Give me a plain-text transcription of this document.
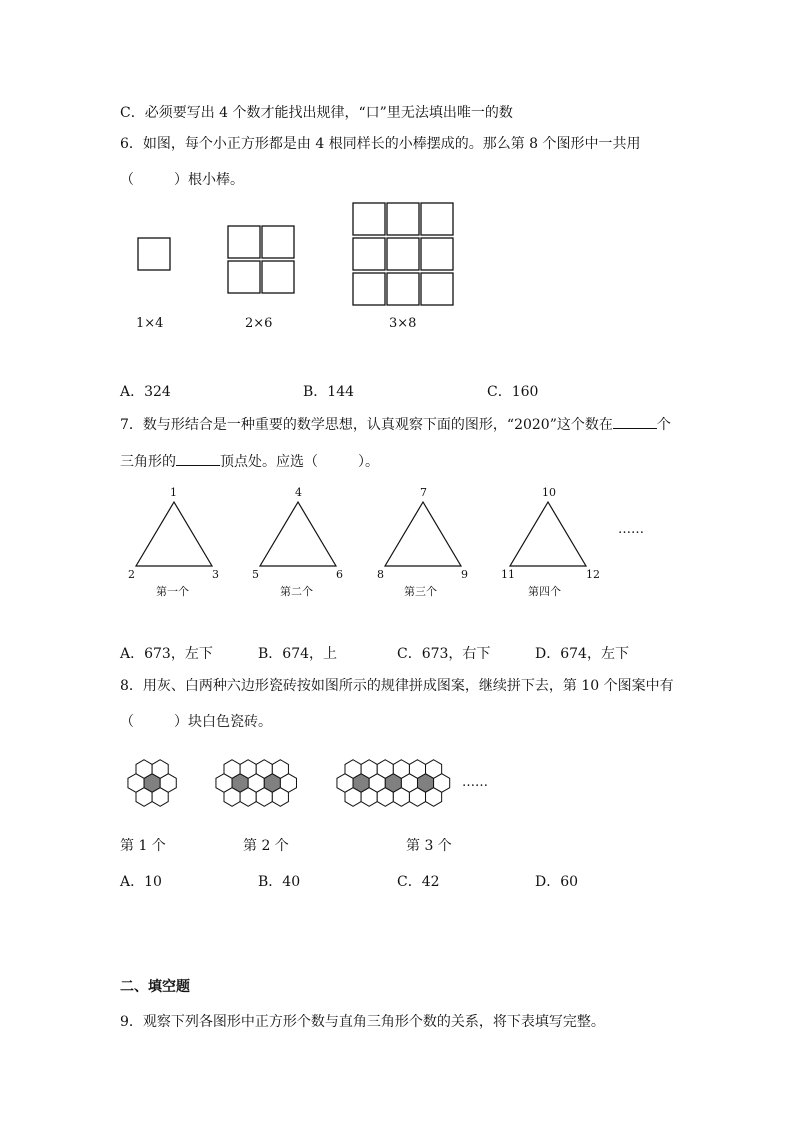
C．必须要写出 4 个数才能找出规律，“口”里无法填出唯一的数
6．如图，每个小正方形都是由 4 根同样长的小棒摆成的。那么第 8 个图形中一共用
（	）根小棒。
1×4	2×6	3×8
A．324	B．144	C．160
7．数与形结合是一种重要的数学思想，认真观察下面的图形，“2020”这个数在	个
三角形的	顶点处。应选（	）。
1
2	3
第一个
4
5	6
第二个
7
8	9
第三个
10
11	12
第四个
……
A．673，左下	B．674，上	C．673，右下	D．674，左下
8．用灰、白两种六边形瓷砖按如图所示的规律拼成图案，继续拼下去，第 10 个图案中有
（	）块白色瓷砖。
……
第 1 个	第 2 个	第 3 个
A．10	B．40	C．42	D．60
二、填空题
9．观察下列各图形中正方形个数与直角三角形个数的关系，将下表填写完整。
